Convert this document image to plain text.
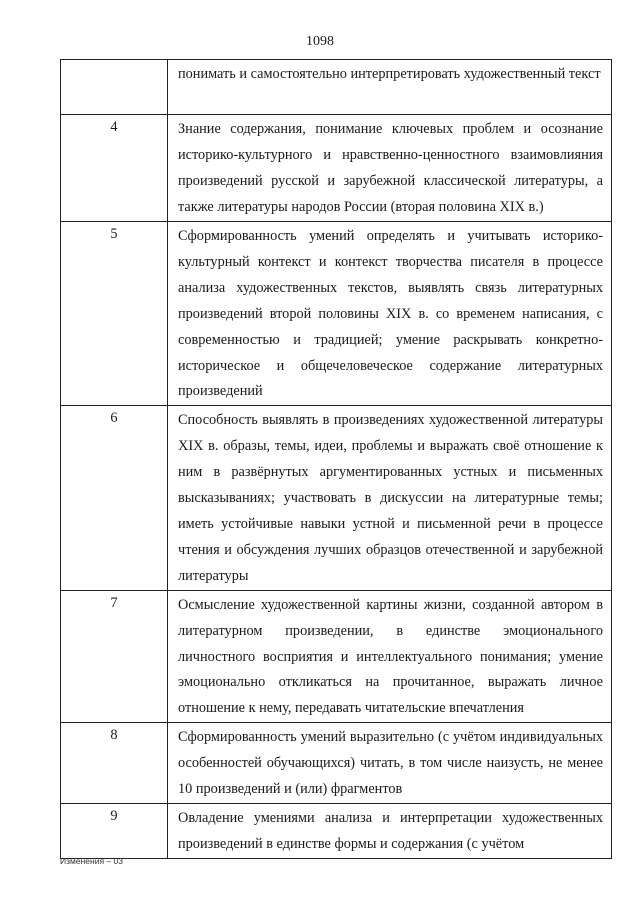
1098
	понимать и самостоятельно интерпретировать художественный текст
4	Знание содержания, понимание ключевых проблем и осознание историко-культурного и нравственно-ценностного взаимовлияния произведений русской и зарубежной классической литературы, а также литературы народов России (вторая половина XIX в.)
5	Сформированность умений определять и учитывать историко-культурный контекст и контекст творчества писателя в процессе анализа художественных текстов, выявлять связь литературных произведений второй половины XIX в. со временем написания, с современностью и традицией; умение раскрывать конкретно-историческое и общечеловеческое содержание литературных произведений
6	Способность выявлять в произведениях художественной литературы XIX в. образы, темы, идеи, проблемы и выражать своё отношение к ним в развёрнутых аргументированных устных и письменных высказываниях; участвовать в дискуссии на литературные темы; иметь устойчивые навыки устной и письменной речи в процессе чтения и обсуждения лучших образцов отечественной и зарубежной литературы
7	Осмысление художественной картины жизни, созданной автором в литературном произведении, в единстве эмоционального личностного восприятия и интеллектуального понимания; умение эмоционально откликаться на прочитанное, выражать личное отношение к нему, передавать читательские впечатления
8	Сформированность умений выразительно (с учётом индивидуальных особенностей обучающихся) читать, в том числе наизусть, не менее 10 произведений и (или) фрагментов
9	Овладение умениями анализа и интерпретации художественных произведений в единстве формы и содержания (с учётом
Изменения – 03
